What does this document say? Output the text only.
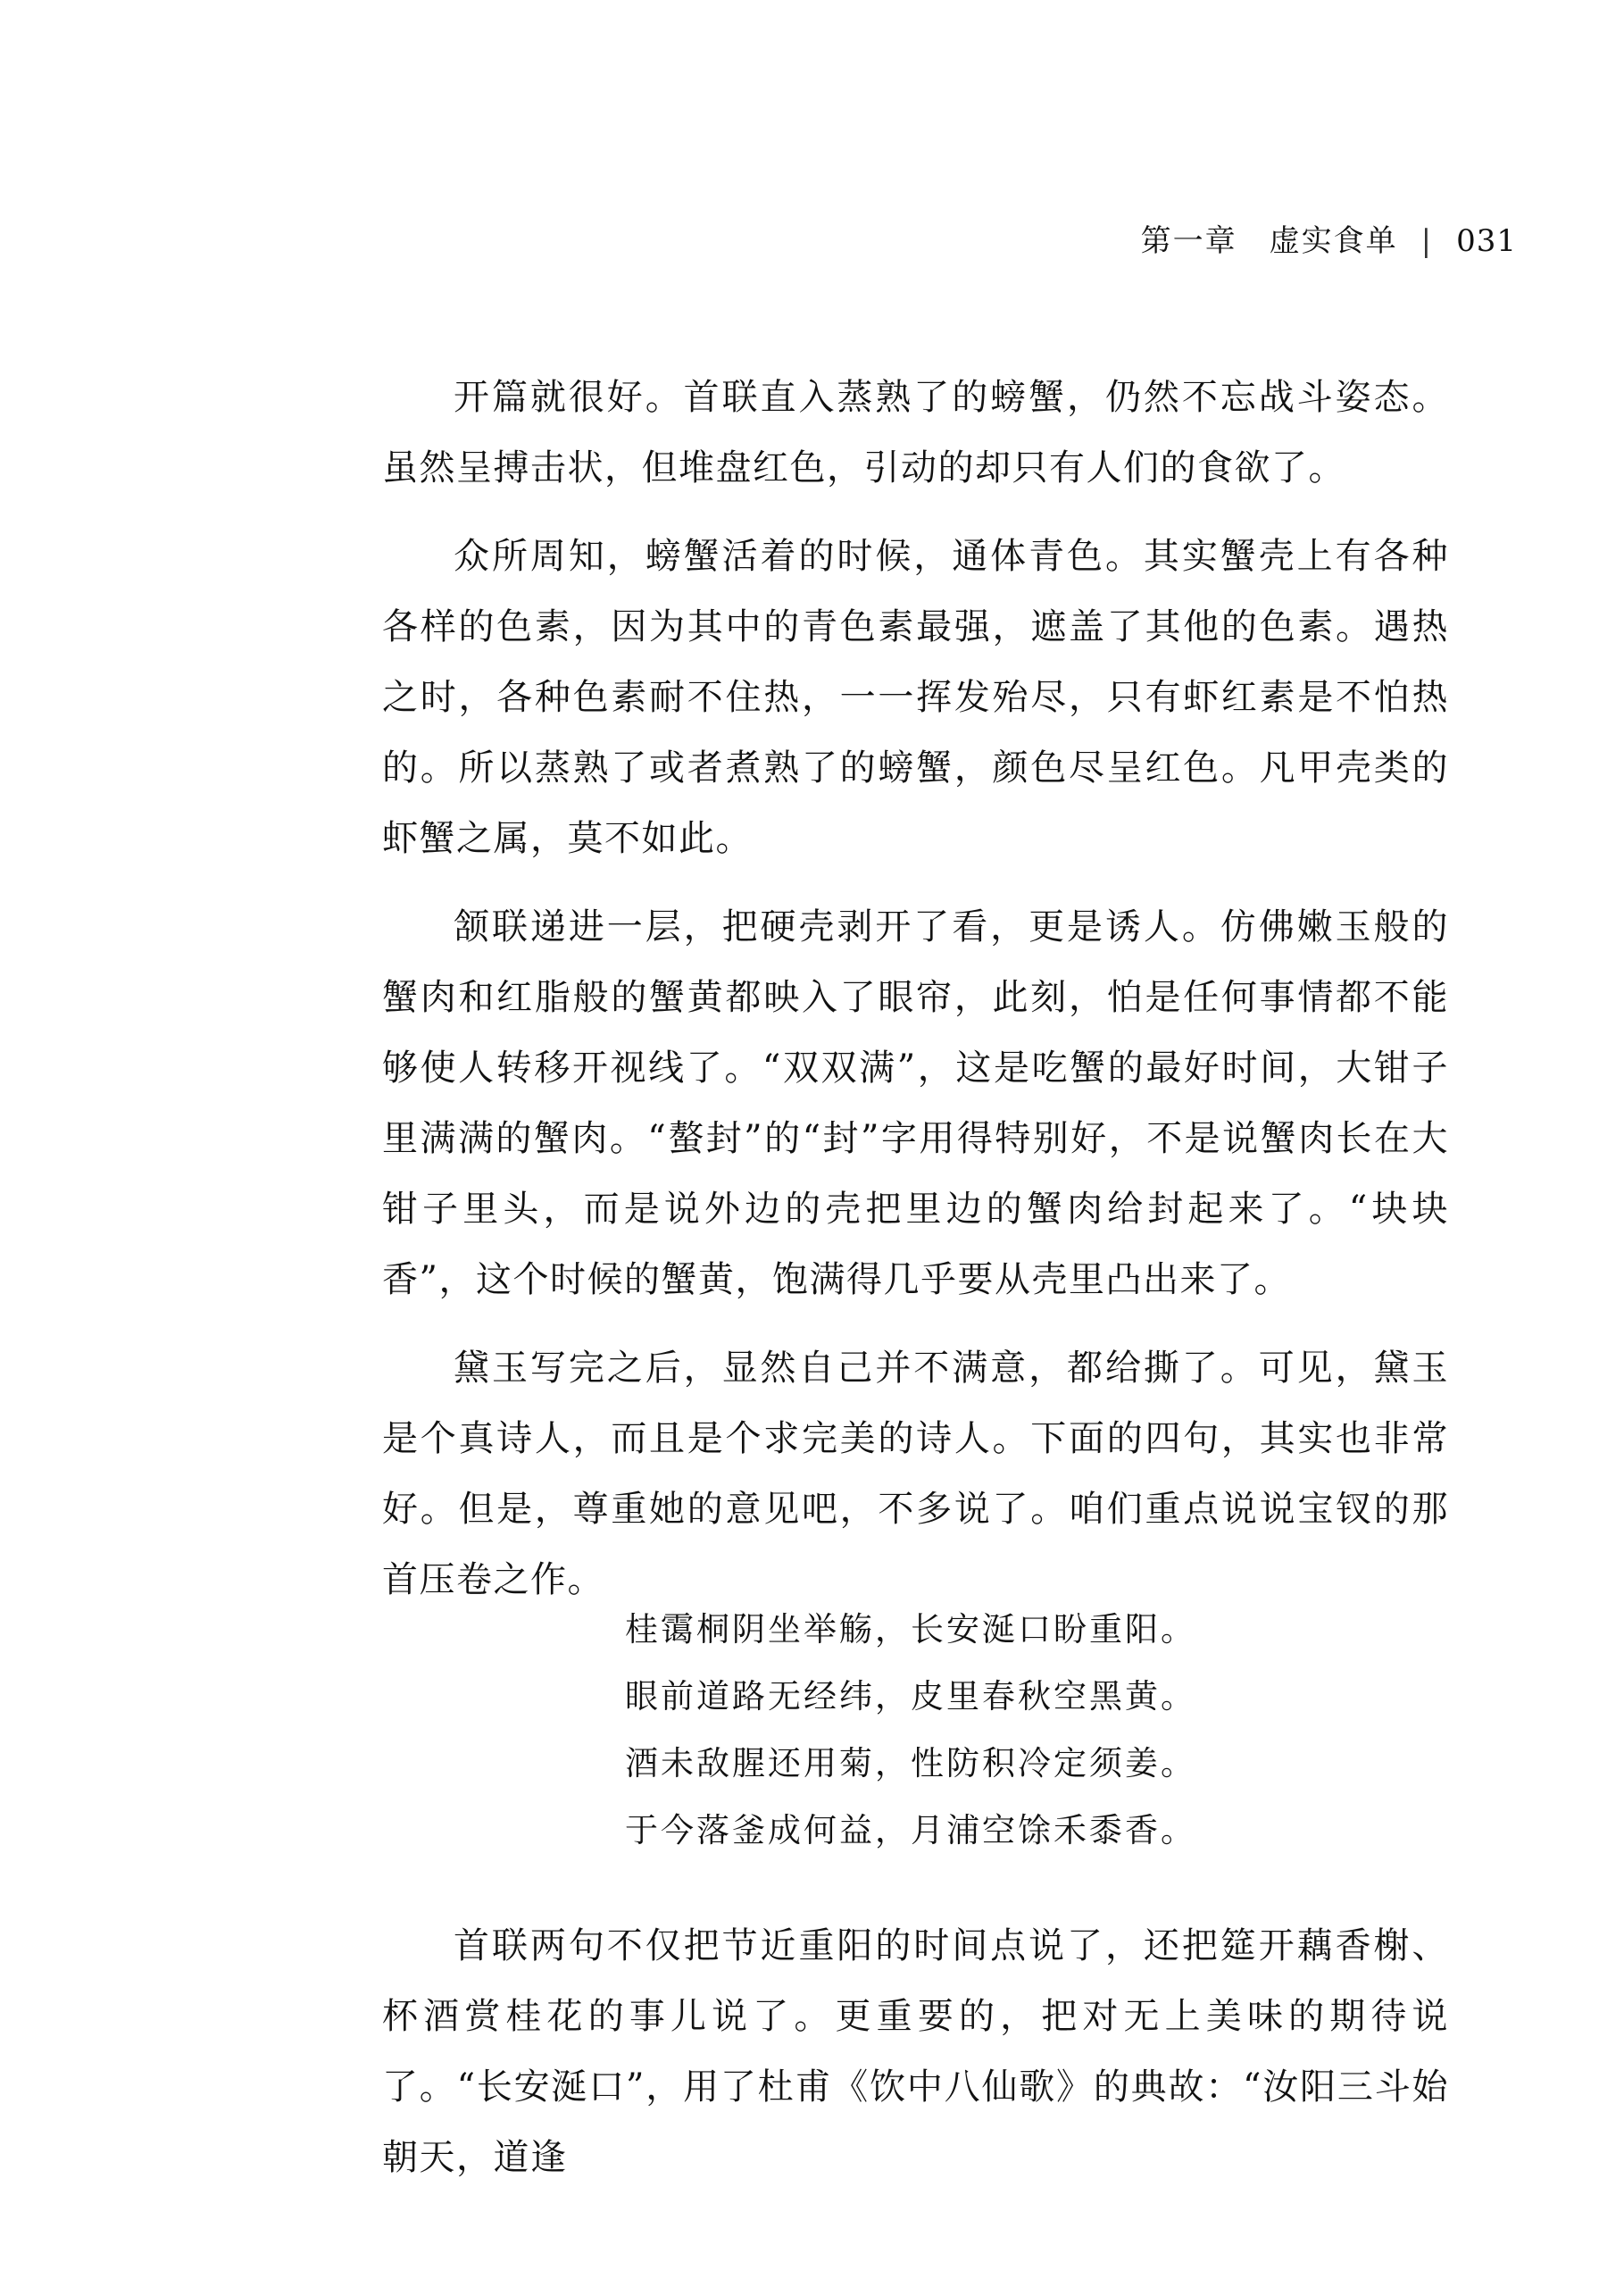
第一章 虚实食单 | 031

开篇就很好。首联直入蒸熟了的螃蟹，仍然不忘战斗姿态。虽然呈搏击状，但堆盘红色，引动的却只有人们的食欲了。

众所周知，螃蟹活着的时候，通体青色。其实蟹壳上有各种各样的色素，因为其中的青色素最强，遮盖了其他的色素。遇热之时，各种色素耐不住热，一一挥发殆尽，只有虾红素是不怕热的。所以蒸熟了或者煮熟了的螃蟹，颜色尽呈红色。凡甲壳类的虾蟹之属，莫不如此。

颔联递进一层，把硬壳剥开了看，更是诱人。仿佛嫩玉般的蟹肉和红脂般的蟹黄都映入了眼帘，此刻，怕是任何事情都不能够使人转移开视线了。“双双满”，这是吃蟹的最好时间，大钳子里满满的蟹肉。“螯封”的“封”字用得特别好，不是说蟹肉长在大钳子里头，而是说外边的壳把里边的蟹肉给封起来了。“块块香”，这个时候的蟹黄，饱满得几乎要从壳里凸出来了。

黛玉写完之后，显然自己并不满意，都给撕了。可见，黛玉是个真诗人，而且是个求完美的诗人。下面的四句，其实也非常好。但是，尊重她的意见吧，不多说了。咱们重点说说宝钗的那首压卷之作。

桂霭桐阴坐举觞，长安涎口盼重阳。
眼前道路无经纬，皮里春秋空黑黄。
酒未敌腥还用菊，性防积冷定须姜。
于今落釜成何益，月浦空馀禾黍香。

首联两句不仅把节近重阳的时间点说了，还把筵开藕香榭、杯酒赏桂花的事儿说了。更重要的，把对无上美味的期待说了。“长安涎口”，用了杜甫《饮中八仙歌》的典故：“汝阳三斗始朝天，道逢
